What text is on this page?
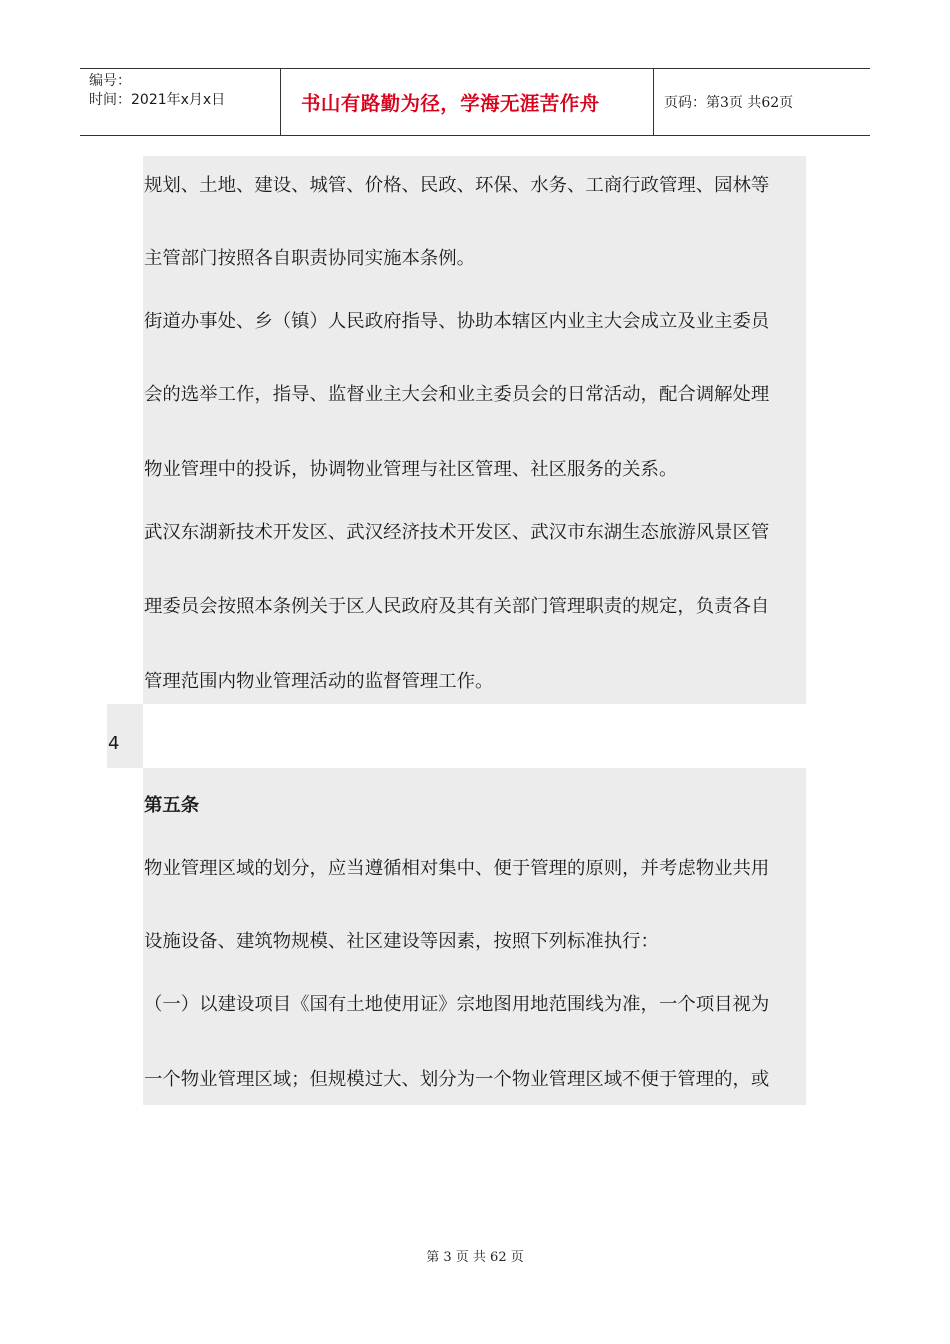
编号：
时间：2021年x月x日	书山有路勤为径，学海无涯苦作舟	页码：第3页 共62页
规划、土地、建设、城管、价格、民政、环保、水务、工商行政管理、园林等
主管部门按照各自职责协同实施本条例。
街道办事处、乡（镇）人民政府指导、协助本辖区内业主大会成立及业主委员
会的选举工作，指导、监督业主大会和业主委员会的日常活动，配合调解处理
物业管理中的投诉，协调物业管理与社区管理、社区服务的关系。
武汉东湖新技术开发区、武汉经济技术开发区、武汉市东湖生态旅游风景区管
理委员会按照本条例关于区人民政府及其有关部门管理职责的规定，负责各自
管理范围内物业管理活动的监督管理工作。
4
第五条
物业管理区域的划分，应当遵循相对集中、便于管理的原则，并考虑物业共用
设施设备、建筑物规模、社区建设等因素，按照下列标准执行：
（一）以建设项目《国有土地使用证》宗地图用地范围线为准，一个项目视为
一个物业管理区域；但规模过大、划分为一个物业管理区域不便于管理的，或
第 3 页 共 62 页
